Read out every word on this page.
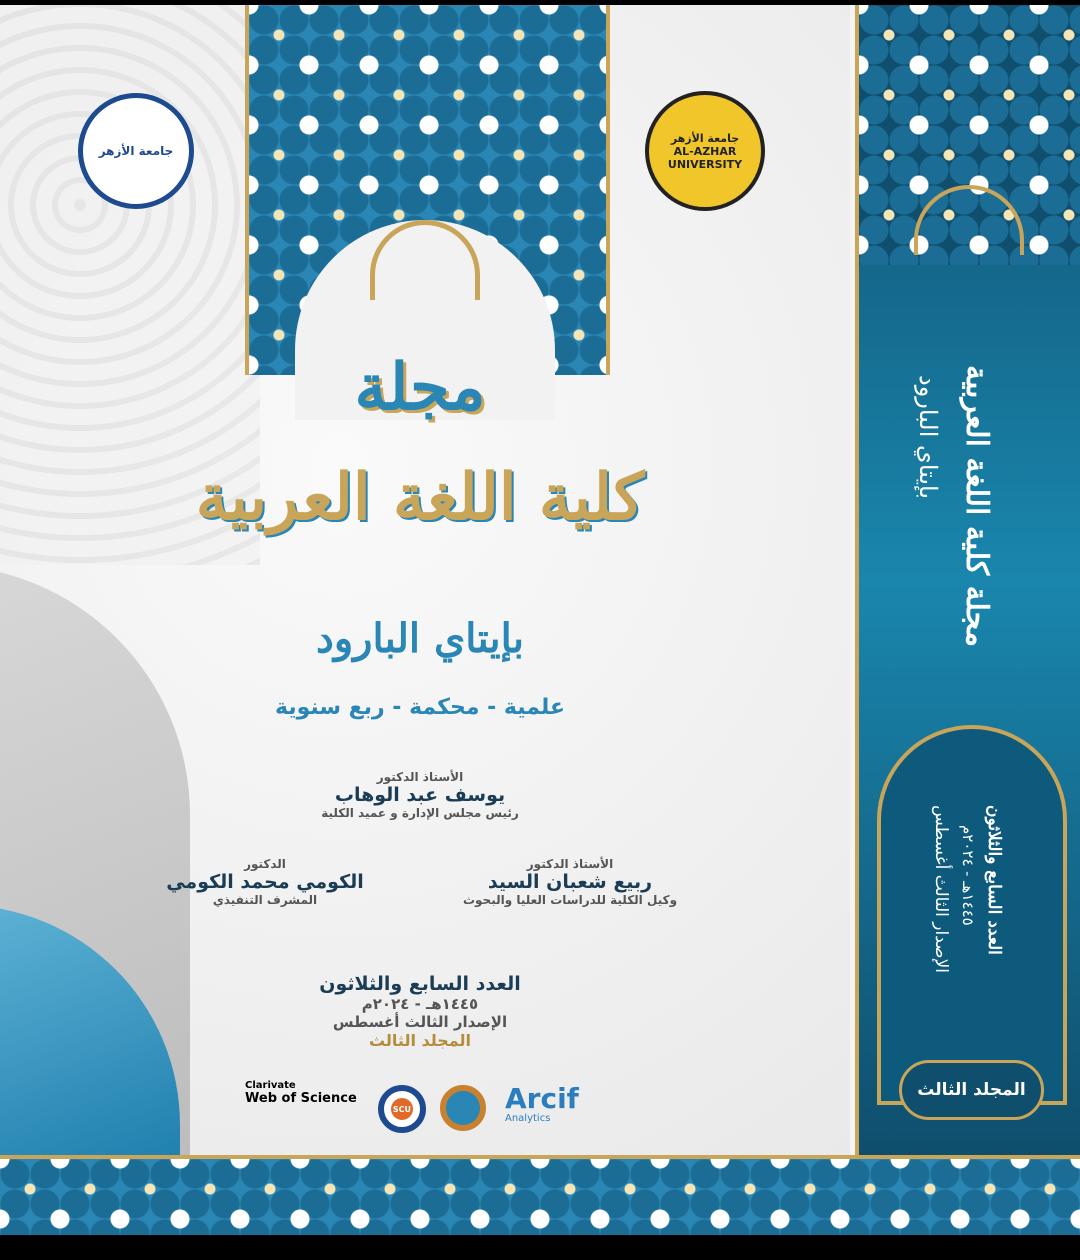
جامعة الأزهر
جامعة الأزهر
AL-AZHAR UNIVERSITY
مجلة
كلية اللغة العربية
بإيتاي البارود
علمية - محكمة - ربع سنوية
الأستاذ الدكتور
يوسف عبد الوهاب
رئيس مجلس الإدارة و عميد الكلية
الأستاذ الدكتور
ربيع شعبان السيد
وكيل الكلية للدراسات العليا والبحوث
الدكتور
الكومي محمد الكومي
المشرف التنفيذي
العدد السابع والثلاثون
١٤٤٥هـ - ٢٠٢٤م
الإصدار الثالث أغسطس
المجلد الثالث
Clarivate
Web of Science
SCU	Arcif
Analytics
مجلة كلية اللغة العربية
بإيتاي البارود
العدد السابع والثلاثون
١٤٤٥هـ - ٢٠٢٤م
الإصدار الثالث أغسطس
المجلد الثالث
